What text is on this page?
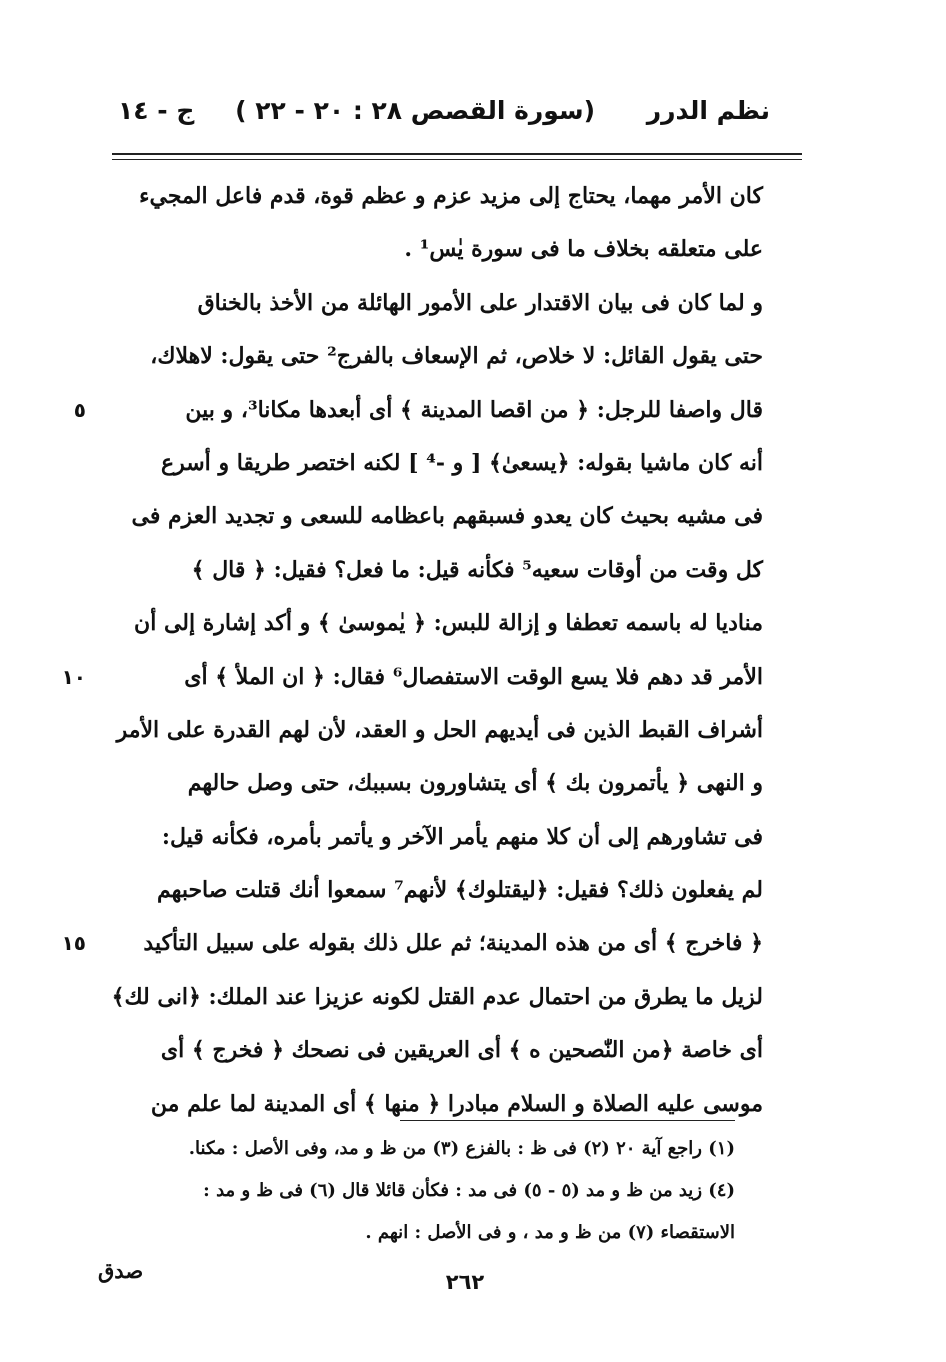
نظم الدرر
(سورة القصص ٢٨ : ٢٠ - ٢٢ )
ج - ١٤
كان الأمر مهما، يحتاج إلى مزيد عزم و عظم قوة، قدم فاعل المجيء
على متعلقه بخلاف ما فى سورة يٰس¹ .
و لما كان فى بيان الاقتدار على الأمور الهائلة من الأخذ بالخناق
حتى يقول القائل: لا خلاص، ثم الإسعاف بالفرج² حتى يقول: لاهلاك،
٥	قال واصفا للرجل: ﴿ من اقصا المدينة ﴾ أى أبعدها مكانا³، و بين
أنه كان ماشيا بقوله: ﴿يسعىٰ﴾ [ و -⁴ ] لكنه اختصر طريقا و أسرع
فى مشيه بحيث كان يعدو فسبقهم باعظامه للسعى و تجديد العزم فى
كل وقت من أوقات سعيه⁵ فكأنه قيل: ما فعل؟ فقيل: ﴿ قال ﴾
مناديا له باسمه تعطفا و إزالة للبس: ﴿ يٰموسىٰ ﴾ و أكد إشارة إلى أن
١٠	الأمر قد دهم فلا يسع الوقت الاستفصال⁶ فقال: ﴿ ان الملأ ﴾ أى
أشراف القبط الذين فى أيديهم الحل و العقد، لأن لهم القدرة على الأمر
و النهى ﴿ يأتمرون بك ﴾ أى يتشاورون بسببك، حتى وصل حالهم
فى تشاورهم إلى أن كلا منهم يأمر الآخر و يأتمر بأمره، فكأنه قيل:
لم يفعلون ذلك؟ فقيل: ﴿ليقتلوك﴾ لأنهم⁷ سمعوا أنك قتلت صاحبهم
١٥	﴿ فاخرج ﴾ أى من هذه المدينة؛ ثم علل ذلك بقوله على سبيل التأكيد
لزيل ما يطرق من احتمال عدم القتل لكونه عزيزا عند الملك: ﴿انى لك﴾
أى خاصة ﴿من النّٰصحين ه ﴾ أى العريقين فى نصحك ﴿ فخرج ﴾ أى
موسى عليه الصلاة و السلام مبادرا ﴿ منها ﴾ أى المدينة لما علم من
(١) راجع آية ٢٠ (٢) فى ظ : بالفزع (٣) من ظ و مد، وفى الأصل : مكنا.
(٤) زيد من ظ و مد (٥ - ٥) فى مد : فكأن قائلا قال (٦) فى ظ و مد :
الاستقصاء (٧) من ظ و مد ، و فى الأصل : انهم .
صدق	٢٦٢
